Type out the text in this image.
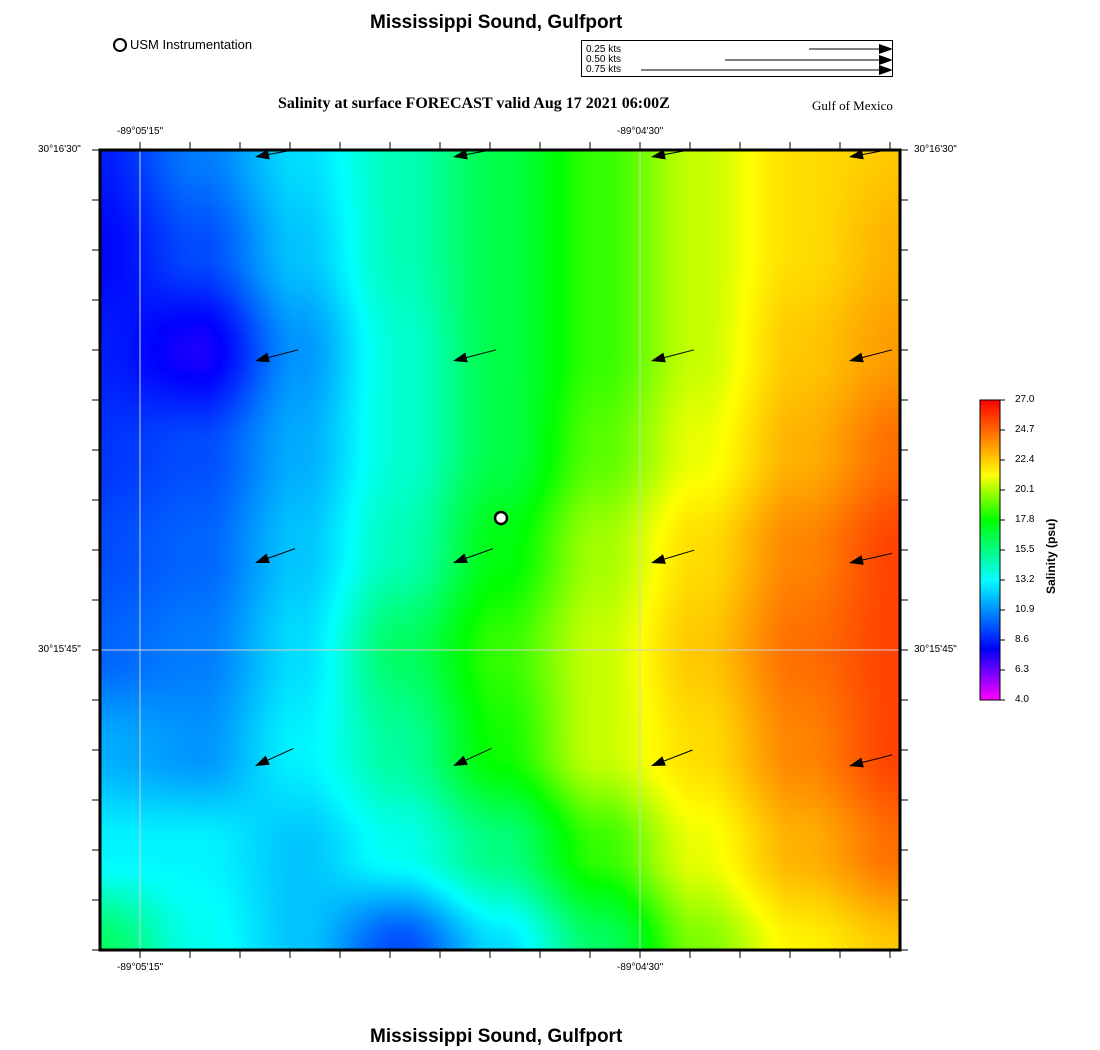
Mississippi Sound, Gulfport
USM Instrumentation
Salinity at surface FORECAST valid Aug 17 2021 06:00Z	Gulf of Mexico
Mississippi Sound, Gulfport
0.25 kts
0.50 kts
0.75 kts
-89°05'15"	-89°04'30"
-89°05'15"	-89°04'30"
30°16'30"
30°15'45"
30°16'30"
30°15'45"
27.0
24.7
22.4
20.1
17.8
15.5
13.2
10.9
8.6
6.3
4.0
Salinity (psu)
